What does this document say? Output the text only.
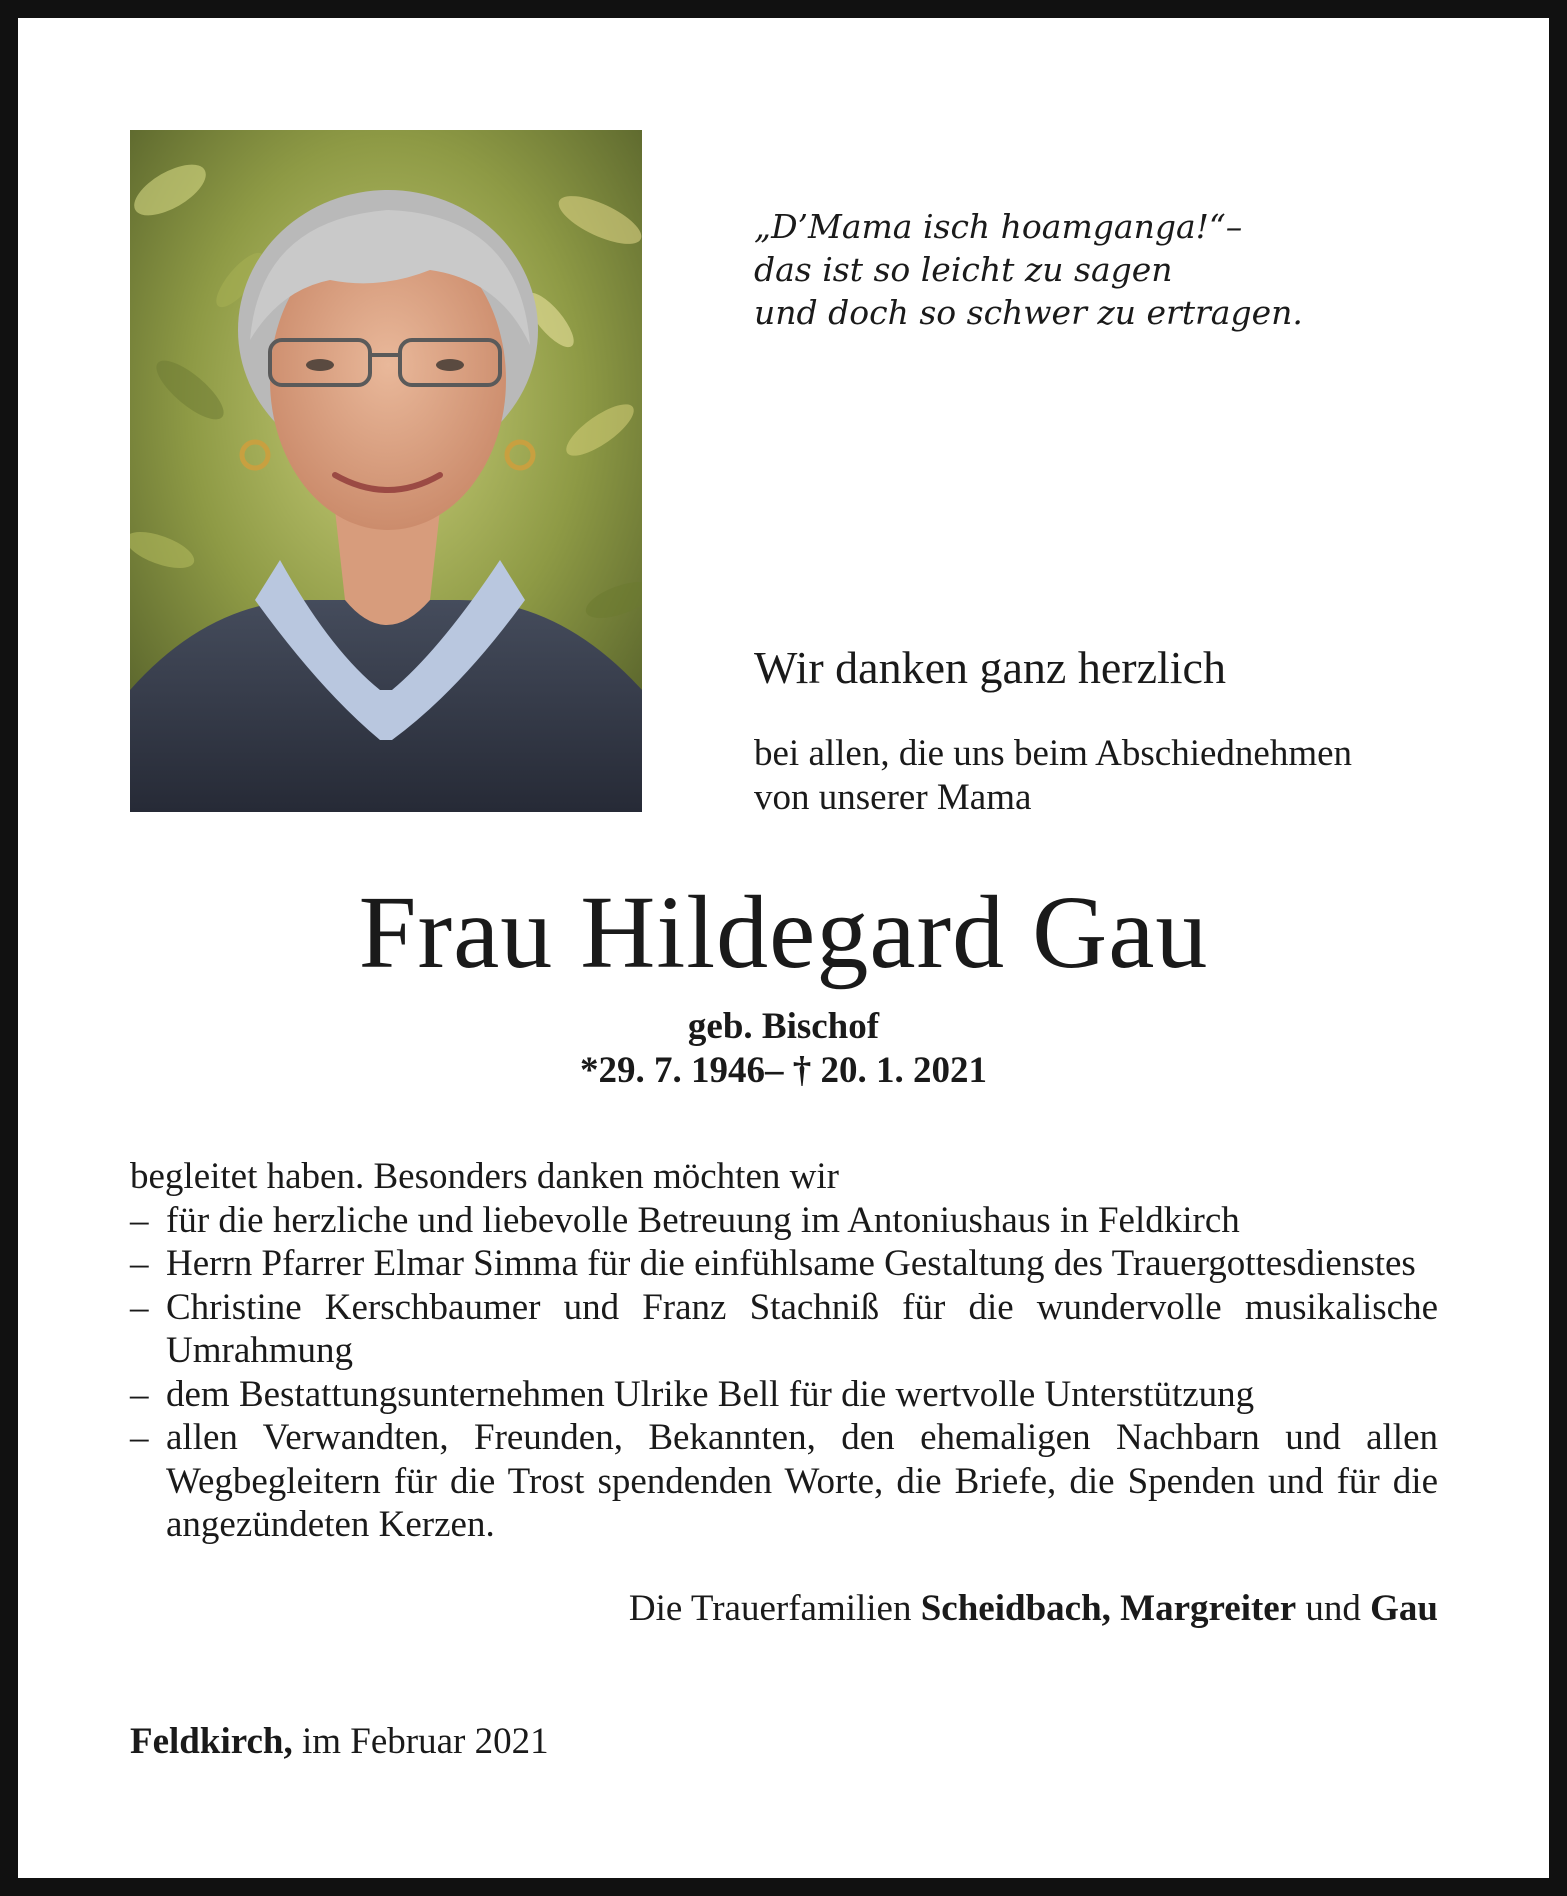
„D’Mama isch hoamganga!“–
das ist so leicht zu sagen
und doch so schwer zu ertragen.
Wir danken ganz herzlich
bei allen, die uns beim Abschiednehmen
von unserer Mama
Frau Hildegard Gau
geb. Bischof
*29. 7. 1946– † 20. 1. 2021
begleitet haben. Besonders danken möchten wir
– für die herzliche und liebevolle Betreuung im Antoniushaus in Feldkirch
– Herrn Pfarrer Elmar Simma für die einfühlsame Gestaltung des Trauergottesdienstes
– Christine Kerschbaumer und Franz Stachniß für die wundervolle musikalische Umrahmung
– dem Bestattungsunternehmen Ulrike Bell für die wertvolle Unterstützung
– allen Verwandten, Freunden, Bekannten, den ehemaligen Nachbarn und allen Wegbegleitern für die Trost spendenden Worte, die Briefe, die Spenden und für die angezündeten Kerzen.
Die Trauerfamilien Scheidbach, Margreiter und Gau
Feldkirch, im Februar 2021
